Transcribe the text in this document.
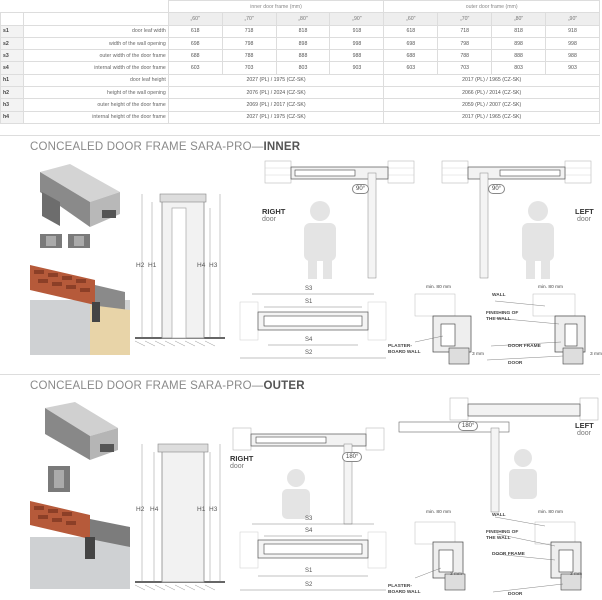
		inner door frame (mm)				outer door frame (mm)			
		„60"	„70"	„80"	„90"	„60"	„70"	„80"	„90"
s1	door leaf width	618	718	818	918	618	718	818	918
s2	width of the wall opening	698	798	898	998	698	798	898	998
s3	outer width of the door frame	688	788	888	988	688	788	888	988
s4	internal width of the door frame	603	703	803	903	603	703	803	903
h1	door leaf height	2027 (PL) / 1975 (CZ-SK)				2017 (PL) / 1965 (CZ-SK)			
h2	height of the wall opening	2076 (PL) / 2024 (CZ-SK)				2066 (PL) / 2014 (CZ-SK)			
h3	outer height of the door frame	2069 (PL) / 2017 (CZ-SK)				2059 (PL) / 2007 (CZ-SK)			
h4	internal height of the door frame	2027 (PL) / 1975 (CZ-SK)				2017 (PL) / 1965 (CZ-SK)			
CONCEALED DOOR FRAME SARA-PRO—INNER
H2 H1	H4 H3
90°
RIGHT
door
90°
LEFT
door
S3
S1
S4
S2
min. 80 mm	min. 80 mm
WALL
FINISHING OF THE WALL
DOOR FRAME
PLASTER-BOARD WALL
DOOR
3 mm	3 mm
CONCEALED DOOR FRAME SARA-PRO—OUTER
H2 H4	H1 H3
180°
RIGHT
door
180°	LEFT
door
S3
S4
S1
S2
min. 80 mm	min. 80 mm
WALL
FINISHING OF THE WALL
DOOR FRAME
PLASTER-BOARD WALL	DOOR
3 mm	3 mm
